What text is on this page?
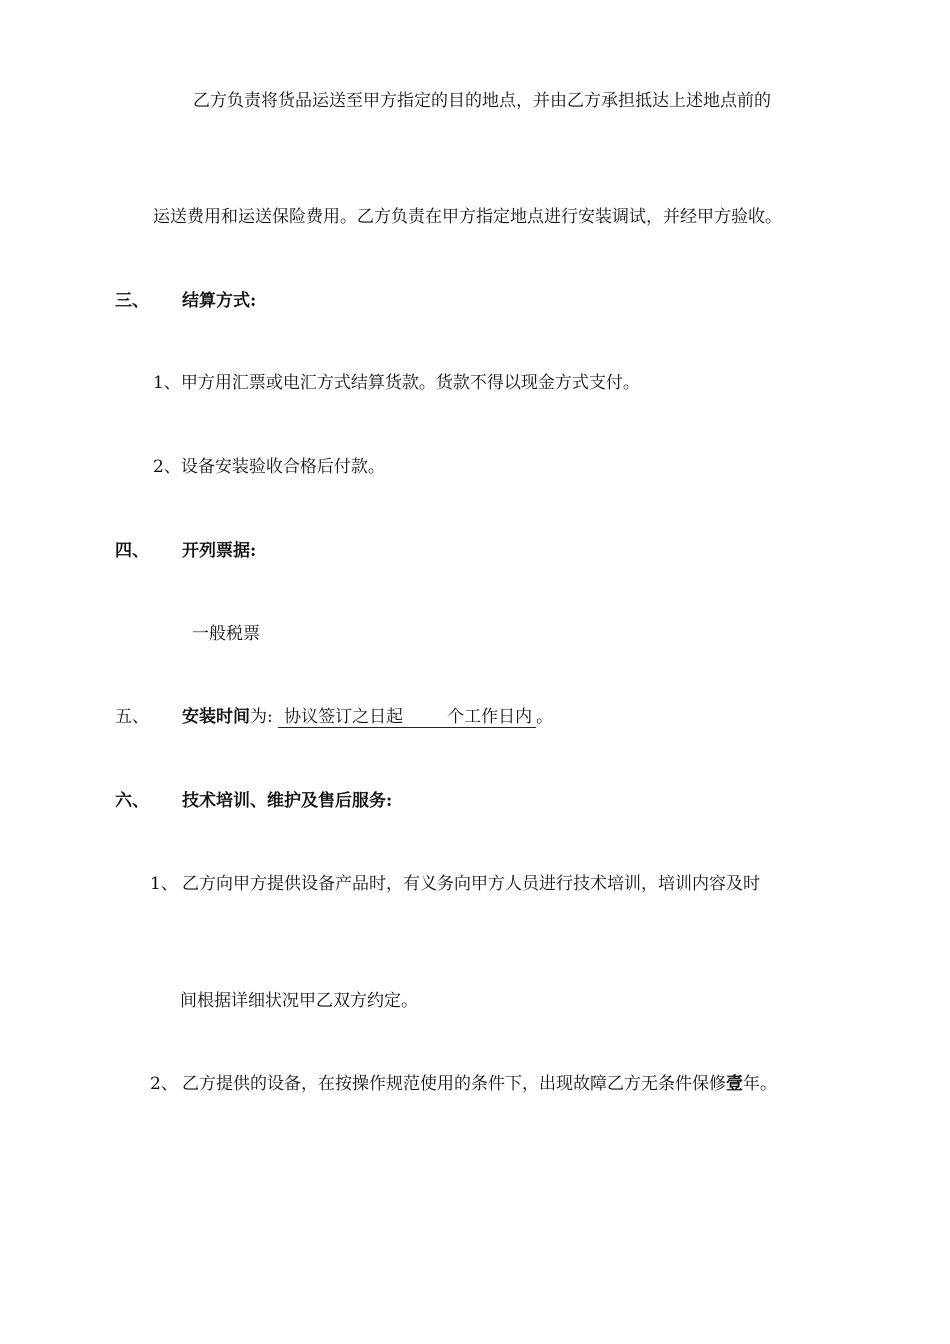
乙方负责将货品运送至甲方指定的目的地点，并由乙方承担抵达上述地点前的
运送费用和运送保险费用。乙方负责在甲方指定地点进行安装调试，并经甲方验收。
三、 结算方式:
1、甲方用汇票或电汇方式结算货款。货款不得以现金方式支付。
2、设备安装验收合格后付款。
四、 开列票据:
一般税票
五、 安装时间为: 协议签订之日起	个工作日内 。
六、 技术培训、维护及售后服务:
1、 乙方向甲方提供设备产品时，有义务向甲方人员进行技术培训，培训内容及时
间根据详细状况甲乙双方约定。
2、 乙方提供的设备，在按操作规范使用的条件下，出现故障乙方无条件保修壹年。
